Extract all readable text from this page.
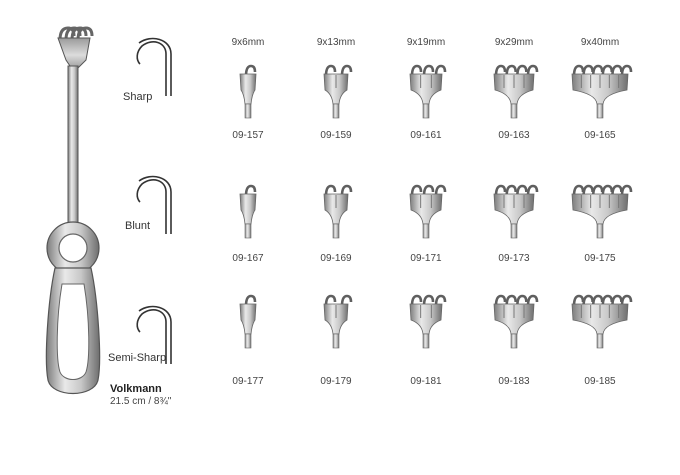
9x6mm	9x13mm	9x19mm	9x29mm	9x40mm
09-157	09-159	09-161	09-163	09-165
09-167	09-169	09-171	09-173	09-175
09-177	09-179	09-181	09-183	09-185
Sharp
Blunt
Semi-Sharp
Volkmann
21.5 cm / 8¾"
